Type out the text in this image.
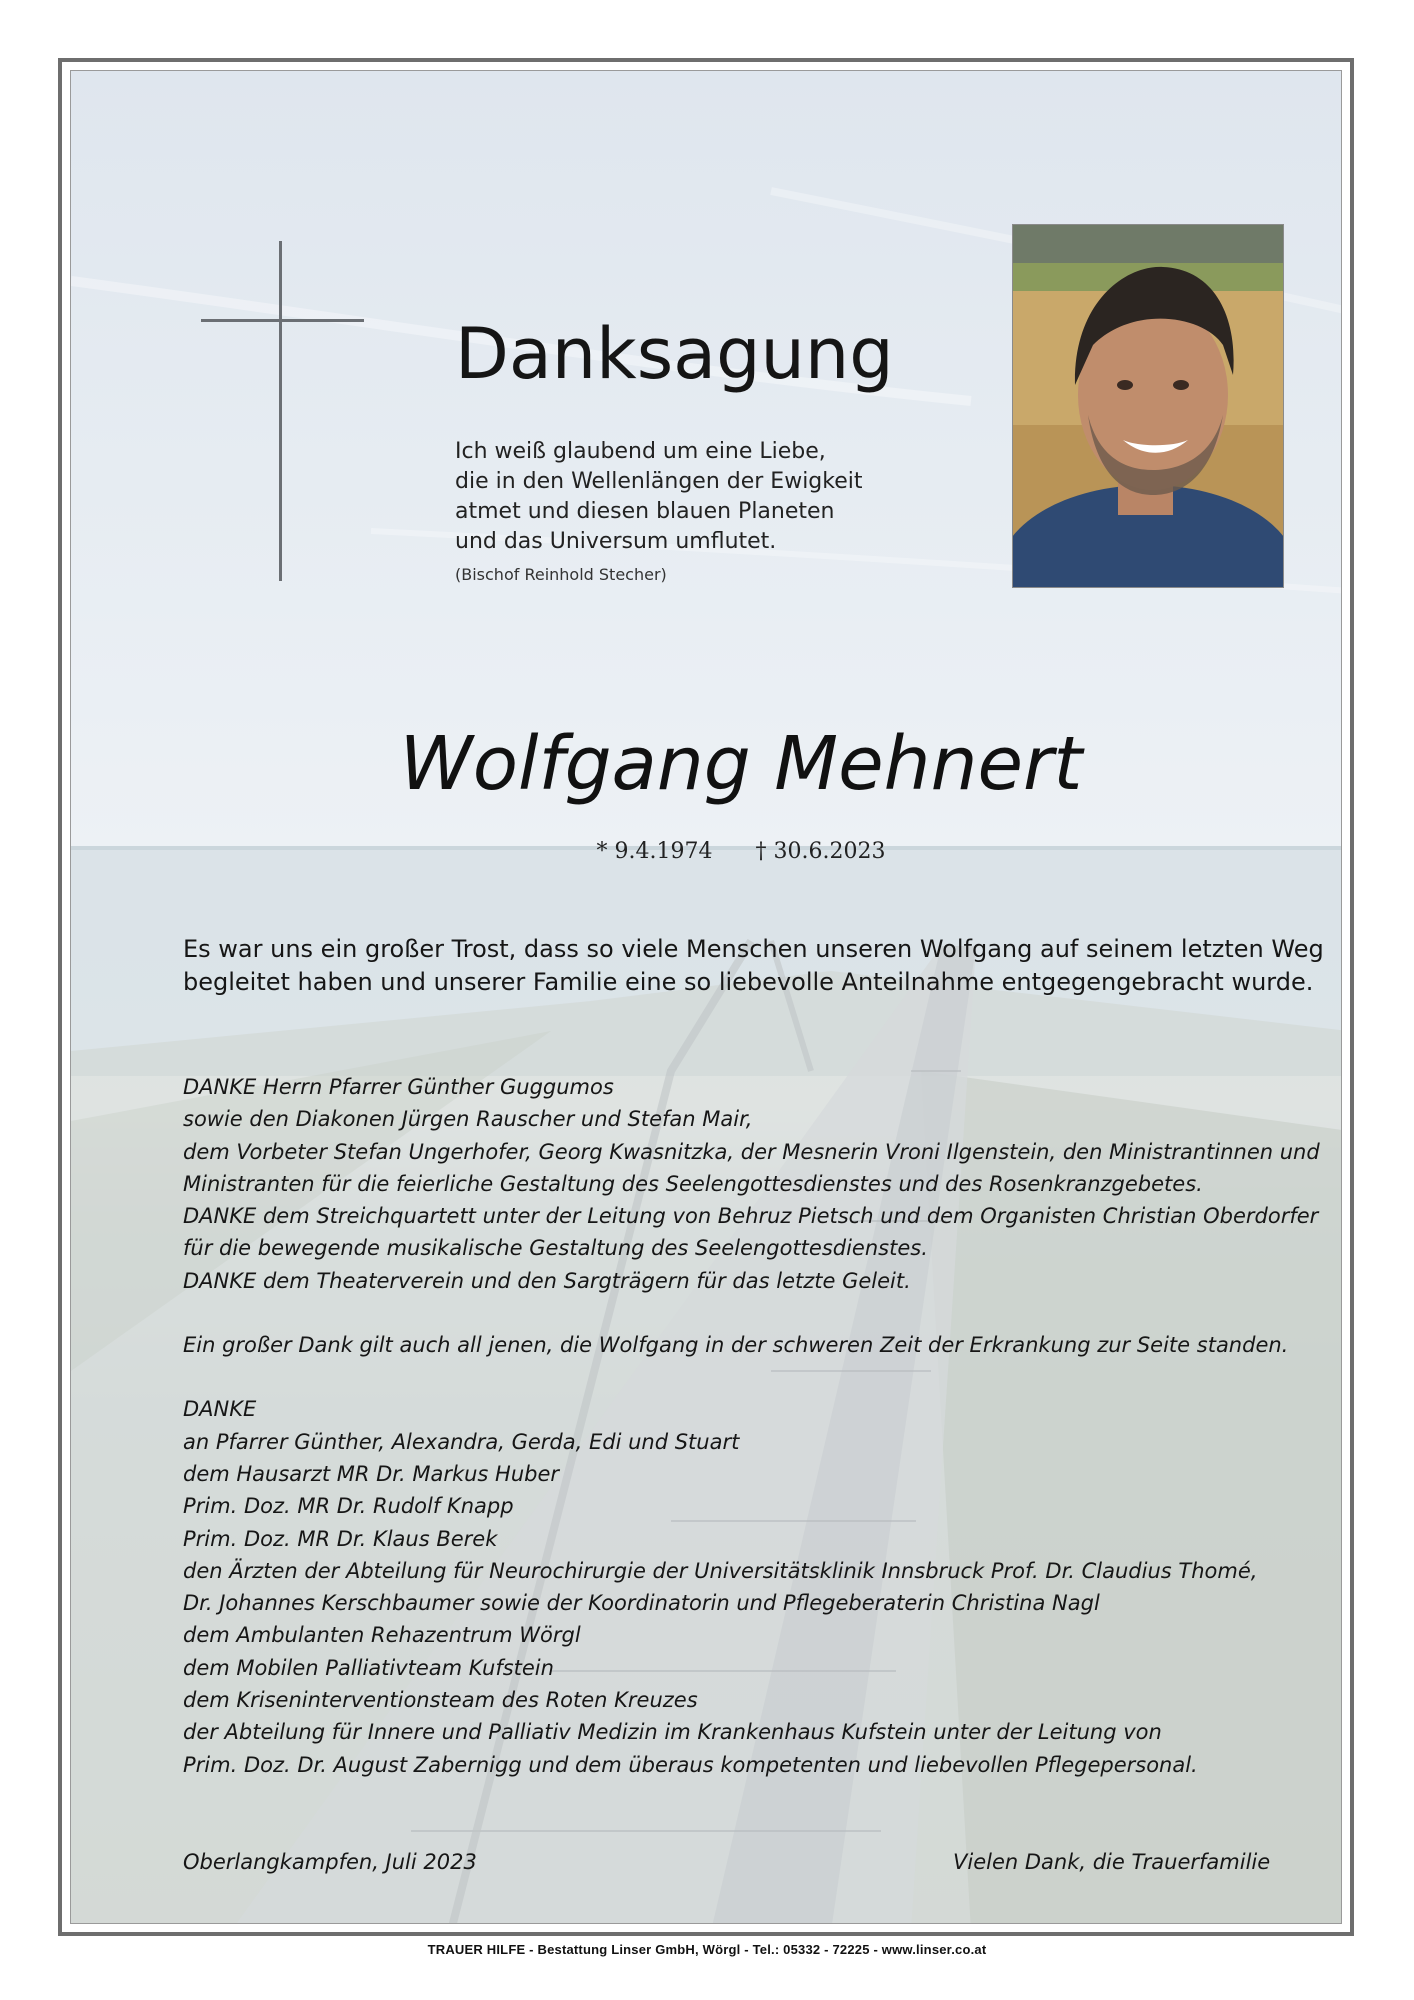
Danksagung
Ich weiß glaubend um eine Liebe,
die in den Wellenlängen der Ewigkeit
atmet und diesen blauen Planeten
und das Universum umflutet.
(Bischof Reinhold Stecher)
Wolfgang Mehnert
* 9.4.1974 † 30.6.2023
Es war uns ein großer Trost, dass so viele Menschen unseren Wolfgang auf seinem letzten Weg begleitet haben und unserer Familie eine so liebevolle Anteilnahme entgegengebracht wurde.
DANKE Herrn Pfarrer Günther Guggumos
sowie den Diakonen Jürgen Rauscher und Stefan Mair,
dem Vorbeter Stefan Ungerhofer, Georg Kwasnitzka, der Mesnerin Vroni Ilgenstein, den Ministrantinnen und
Ministranten für die feierliche Gestaltung des Seelengottesdienstes und des Rosenkranzgebetes.
DANKE dem Streichquartett unter der Leitung von Behruz Pietsch und dem Organisten Christian Oberdorfer
für die bewegende musikalische Gestaltung des Seelengottesdienstes.
DANKE dem Theaterverein und den Sargträgern für das letzte Geleit.
Ein großer Dank gilt auch all jenen, die Wolfgang in der schweren Zeit der Erkrankung zur Seite standen.
DANKE
an Pfarrer Günther, Alexandra, Gerda, Edi und Stuart
dem Hausarzt MR Dr. Markus Huber
Prim. Doz. MR Dr. Rudolf Knapp
Prim. Doz. MR Dr. Klaus Berek
den Ärzten der Abteilung für Neurochirurgie der Universitätsklinik Innsbruck Prof. Dr. Claudius Thomé,
Dr. Johannes Kerschbaumer sowie der Koordinatorin und Pflegeberaterin Christina Nagl
dem Ambulanten Rehazentrum Wörgl
dem Mobilen Palliativteam Kufstein
dem Kriseninterventionsteam des Roten Kreuzes
der Abteilung für Innere und Palliativ Medizin im Krankenhaus Kufstein unter der Leitung von
Prim. Doz. Dr. August Zabernigg und dem überaus kompetenten und liebevollen Pflegepersonal.
Oberlangkampfen, Juli 2023	Vielen Dank, die Trauerfamilie
TRAUER HILFE - Bestattung Linser GmbH, Wörgl - Tel.: 05332 - 72225 - www.linser.co.at
